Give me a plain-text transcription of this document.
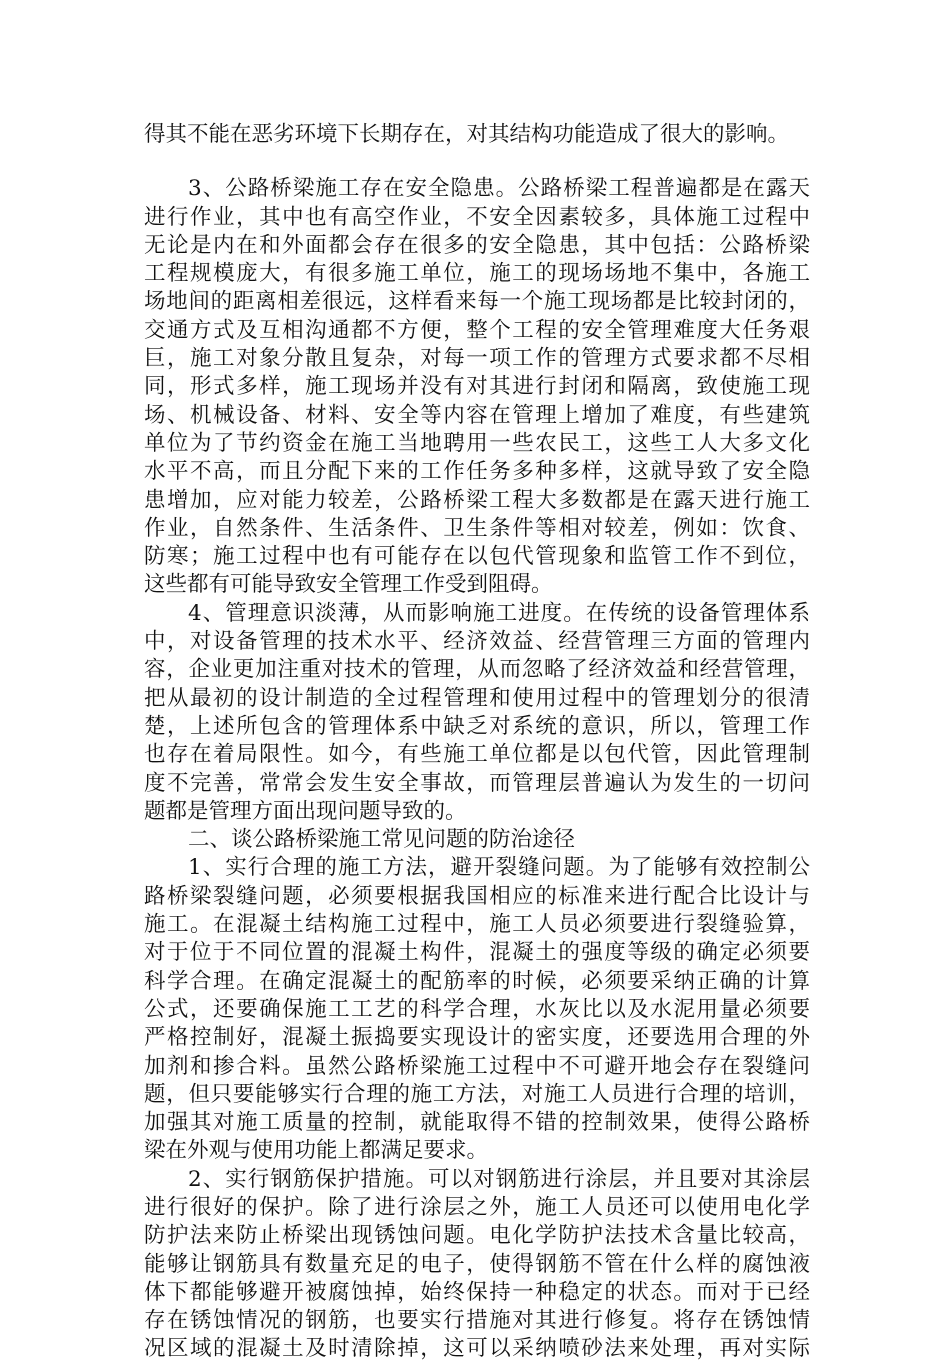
得其不能在恶劣环境下长期存在，对其结构功能造成了很大的影响。
3、公路桥梁施工存在安全隐患。公路桥梁工程普遍都是在露天
进行作业，其中也有高空作业，不安全因素较多，具体施工过程中
无论是内在和外面都会存在很多的安全隐患，其中包括：公路桥梁
工程规模庞大，有很多施工单位，施工的现场场地不集中，各施工
场地间的距离相差很远，这样看来每一个施工现场都是比较封闭的，
交通方式及互相沟通都不方便，整个工程的安全管理难度大任务艰
巨，施工对象分散且复杂，对每一项工作的管理方式要求都不尽相
同，形式多样，施工现场并没有对其进行封闭和隔离，致使施工现
场、机械设备、材料、安全等内容在管理上增加了难度，有些建筑
单位为了节约资金在施工当地聘用一些农民工，这些工人大多文化
水平不高，而且分配下来的工作任务多种多样，这就导致了安全隐
患增加，应对能力较差，公路桥梁工程大多数都是在露天进行施工
作业，自然条件、生活条件、卫生条件等相对较差，例如：饮食、
防寒；施工过程中也有可能存在以包代管现象和监管工作不到位，
这些都有可能导致安全管理工作受到阻碍。
4、管理意识淡薄，从而影响施工进度。在传统的设备管理体系
中，对设备管理的技术水平、经济效益、经营管理三方面的管理内
容，企业更加注重对技术的管理，从而忽略了经济效益和经营管理，
把从最初的设计制造的全过程管理和使用过程中的管理划分的很清
楚，上述所包含的管理体系中缺乏对系统的意识，所以，管理工作
也存在着局限性。如今，有些施工单位都是以包代管，因此管理制
度不完善，常常会发生安全事故，而管理层普遍认为发生的一切问
题都是管理方面出现问题导致的。
二、谈公路桥梁施工常见问题的防治途径
1、实行合理的施工方法，避开裂缝问题。为了能够有效控制公
路桥梁裂缝问题，必须要根据我国相应的标准来进行配合比设计与
施工。在混凝土结构施工过程中，施工人员必须要进行裂缝验算，
对于位于不同位置的混凝土构件，混凝土的强度等级的确定必须要
科学合理。在确定混凝土的配筋率的时候，必须要采纳正确的计算
公式，还要确保施工工艺的科学合理，水灰比以及水泥用量必须要
严格控制好，混凝土振捣要实现设计的密实度，还要选用合理的外
加剂和掺合料。虽然公路桥梁施工过程中不可避开地会存在裂缝问
题，但只要能够实行合理的施工方法，对施工人员进行合理的培训，
加强其对施工质量的控制，就能取得不错的控制效果，使得公路桥
梁在外观与使用功能上都满足要求。
2、实行钢筋保护措施。可以对钢筋进行涂层，并且要对其涂层
进行很好的保护。除了进行涂层之外，施工人员还可以使用电化学
防护法来防止桥梁出现锈蚀问题。电化学防护法技术含量比较高，
能够让钢筋具有数量充足的电子，使得钢筋不管在什么样的腐蚀液
体下都能够避开被腐蚀掉，始终保持一种稳定的状态。而对于已经
存在锈蚀情况的钢筋，也要实行措施对其进行修复。将存在锈蚀情
况区域的混凝土及时清除掉，这可以采纳喷砂法来处理，再对实际
